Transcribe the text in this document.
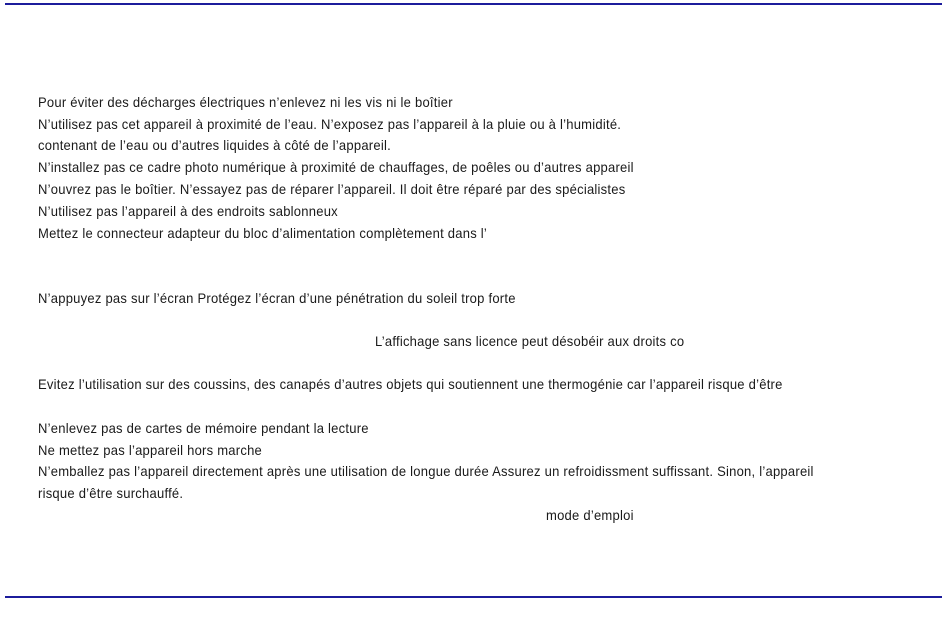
Pour éviter des décharges électriques n’enlevez ni les vis ni le boîtier
N’utilisez pas cet appareil à proximité de l’eau. N’exposez pas l’appareil à la pluie ou à l’humidité.
contenant de l’eau ou d’autres liquides à côté de l’appareil.
N’installez pas ce cadre photo numérique à proximité de chauffages, de poêles ou d’autres appareil
N’ouvrez pas le boîtier. N’essayez pas de réparer l’appareil. Il doit être réparé par des spécialistes
N’utilisez pas l’appareil à des endroits sablonneux
Mettez le connecteur adapteur du bloc d’alimentation complètement dans l’
N’appuyez pas sur l’écran Protégez l’écran d’une pénétration du soleil trop forte
L’affichage sans licence peut désobéir aux droits co
Evitez l’utilisation sur des coussins, des canapés d’autres objets qui soutiennent une thermogénie car l’appareil risque d’être
N’enlevez pas de cartes de mémoire pendant la lecture
Ne mettez pas l’appareil hors marche
N’emballez pas l’appareil directement après une utilisation de longue durée Assurez un refroidissment suffissant. Sinon, l’appareil
risque d’être surchauffé.
mode d’emploi
